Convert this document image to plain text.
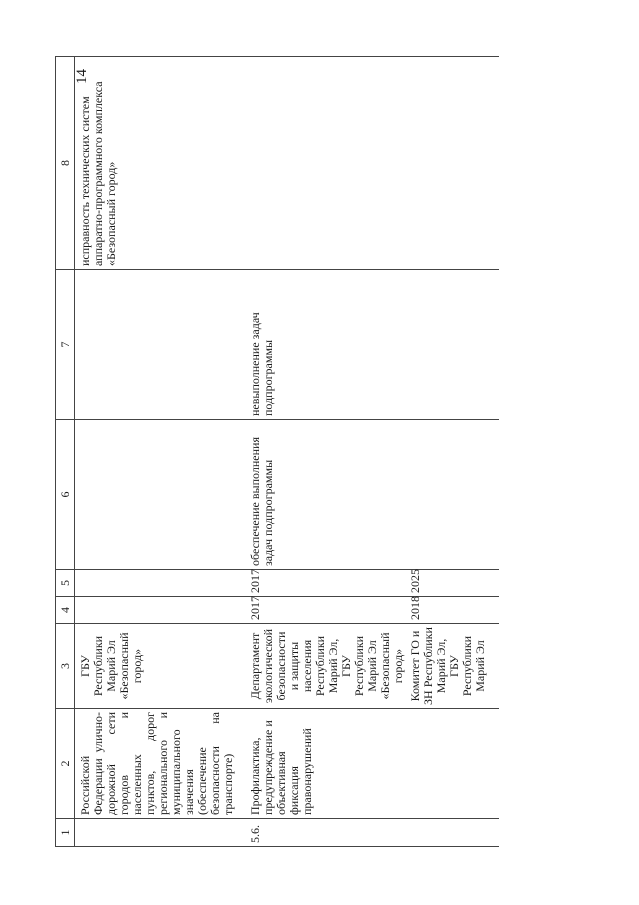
14
1	2	3	4	5	6	7	8
	Российской Федерации улично-дорожной сети городов и населенных пунктов, дорог регионального и муниципального значения (обеспечение безопасности на транспорте)	ГБУ Республики Марий Эл «Безопасный город»					исправность технических систем аппаратно-программного комплекса «Безопасный город»
5.6.	Профилактика, предупреждение и объективная фиксация правонарушений	Департамент экологической безопасности и защиты населения Республики Марий Эл, ГБУ Республики Марий Эл «Безопасный город»	2017	2017	обеспечение выполнения задач подпрограммы	невыполнение задач подпрограммы	
		Комитет ГО и ЗН Республики Марий Эл, ГБУ Республики Марий Эл	2018	2025			
